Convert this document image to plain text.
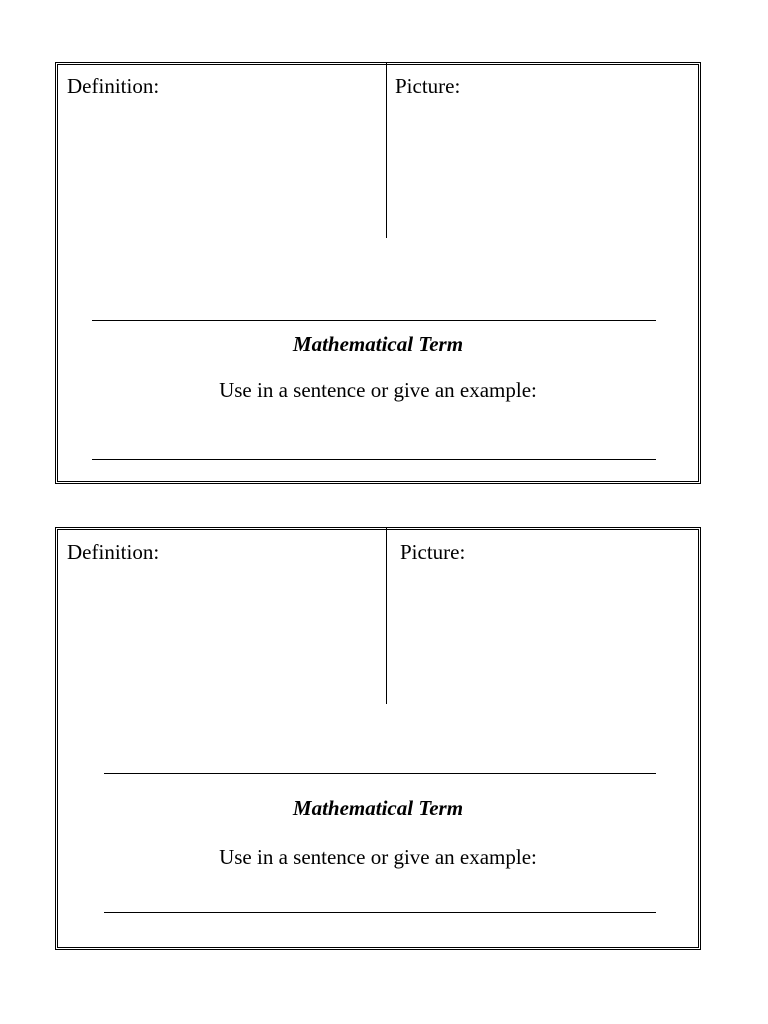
Definition:	Picture:
Mathematical Term
Use in a sentence or give an example:
Definition:	Picture:
Mathematical Term
Use in a sentence or give an example:
